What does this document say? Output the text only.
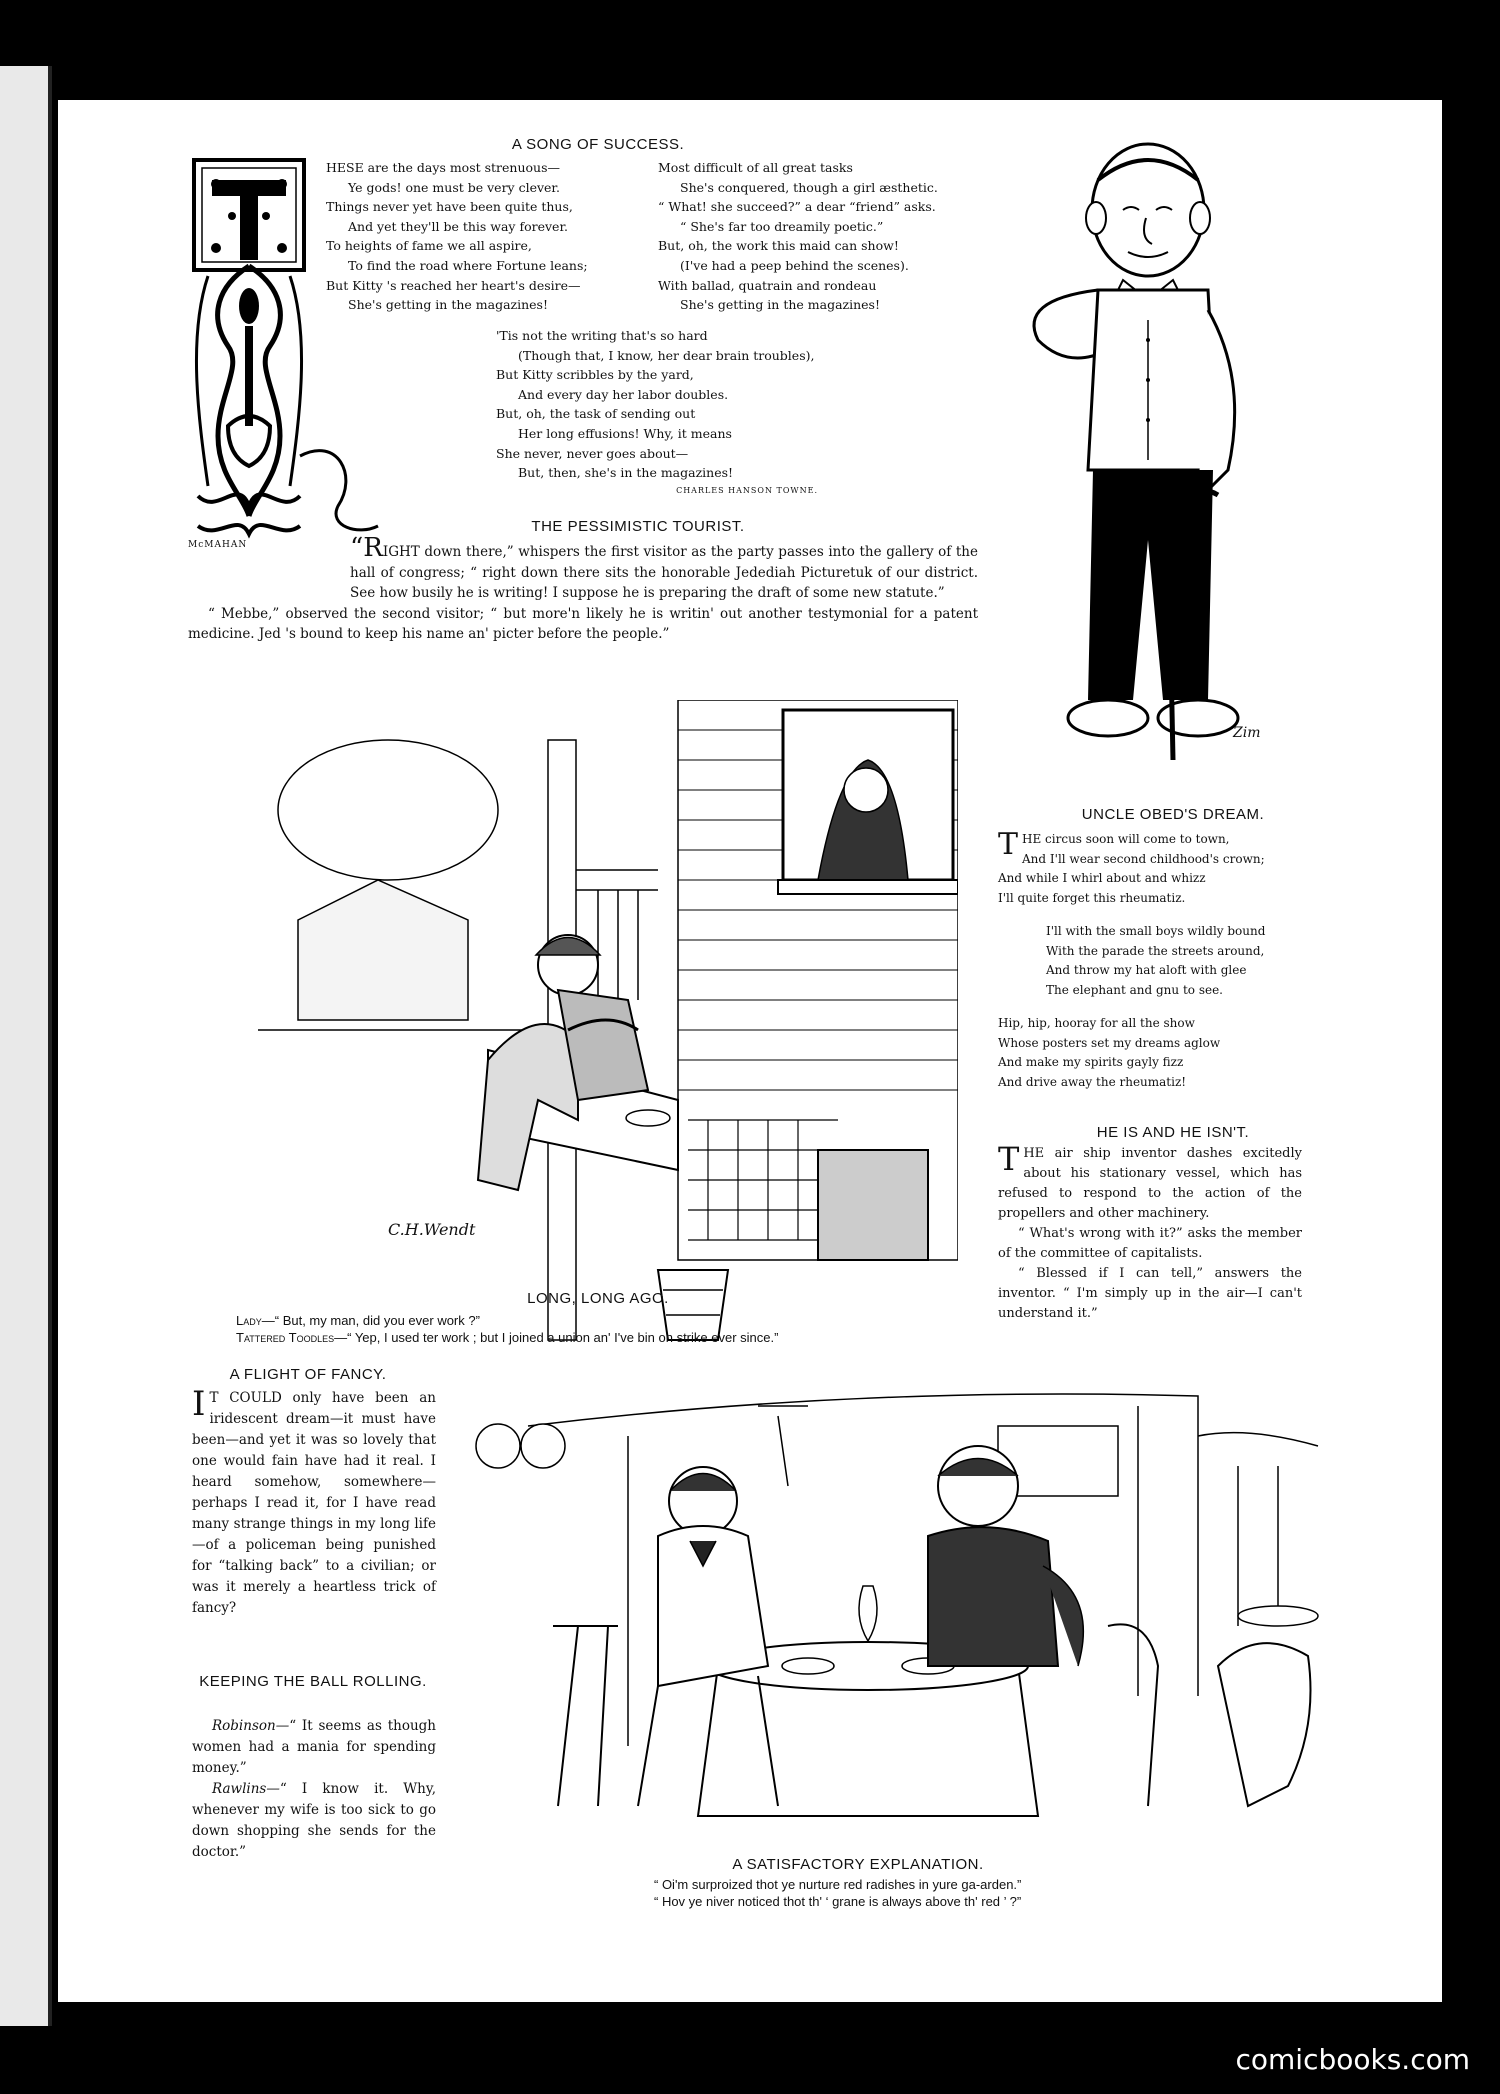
McMAHAN
A SONG OF SUCCESS.
HESE are the days most strenuous—
Ye gods! one must be very clever.
Things never yet have been quite thus,
And yet they'll be this way forever.
To heights of fame we all aspire,
To find the road where Fortune leans;
But Kitty 's reached her heart's desire—
She's getting in the magazines!
Most difficult of all great tasks
She's conquered, though a girl æsthetic.
“ What! she succeed?” a dear “friend” asks.
“ She's far too dreamily poetic.”
But, oh, the work this maid can show!
(I've had a peep behind the scenes).
With ballad, quatrain and rondeau
She's getting in the magazines!
'Tis not the writing that's so hard
(Though that, I know, her dear brain troubles),
But Kitty scribbles by the yard,
And every day her labor doubles.
But, oh, the task of sending out
Her long effusions! Why, it means
She never, never goes about—
But, then, she's in the magazines!
CHARLES HANSON TOWNE.
THE PESSIMISTIC TOURIST.

“RIGHT down there,” whispers the first visitor as the party passes into the gallery of the hall of congress; “ right down there sits the honorable Jedediah Picturetuk of our district. See how busily he is writing! I suppose he is preparing the draft of some new statute.”

“ Mebbe,” observed the second visitor; “ but more'n likely he is writin' out another testymonial for a patent medicine. Jed 's bound to keep his name an' picter before the people.”

Zim
C.H.Wendt
UNCLE OBED'S DREAM.
T HE circus soon will come to town,
And I'll wear second childhood's crown;
And while I whirl about and whizz
I'll quite forget this rheumatiz.
I'll with the small boys wildly bound
With the parade the streets around,
And throw my hat aloft with glee
The elephant and gnu to see.
Hip, hip, hooray for all the show
Whose posters set my dreams aglow
And make my spirits gayly fizz
And drive away the rheumatiz!
HE IS AND HE ISN'T.

THE air ship inventor dashes excitedly about his stationary vessel, which has refused to respond to the action of the propellers and other machinery.

“ What's wrong with it?” asks the member of the committee of capitalists.

“ Blessed if I can tell,” answers the inventor. “ I'm simply up in the air—I can't understand it.”

LONG, LONG AGO.
Lady—“ But, my man, did you ever work ?”
Tattered Toodles—“ Yep, I used ter work ; but I joined a union an' I've bin on strike ever since.”
A FLIGHT OF FANCY.

I T COULD only have been an iridescent dream—it must have been—and yet it was so lovely that one would fain have had it real. I heard somehow, somewhere—perhaps I read it, for I have read many strange things in my long life—of a policeman being punished for “talking back” to a civilian; or was it merely a heartless trick of fancy?

KEEPING THE BALL ROLLING.

Robinson—“ It seems as though women had a mania for spending money.”

Rawlins—“ I know it. Why, whenever my wife is too sick to go down shopping she sends for the doctor.”

A SATISFACTORY EXPLANATION.
“ Oi'm surproized thot ye nurture red radishes in yure ga-arden.”
“ Hov ye niver noticed thot th' ‘ grane is always above th' red ’ ?”
comicbooks.com
